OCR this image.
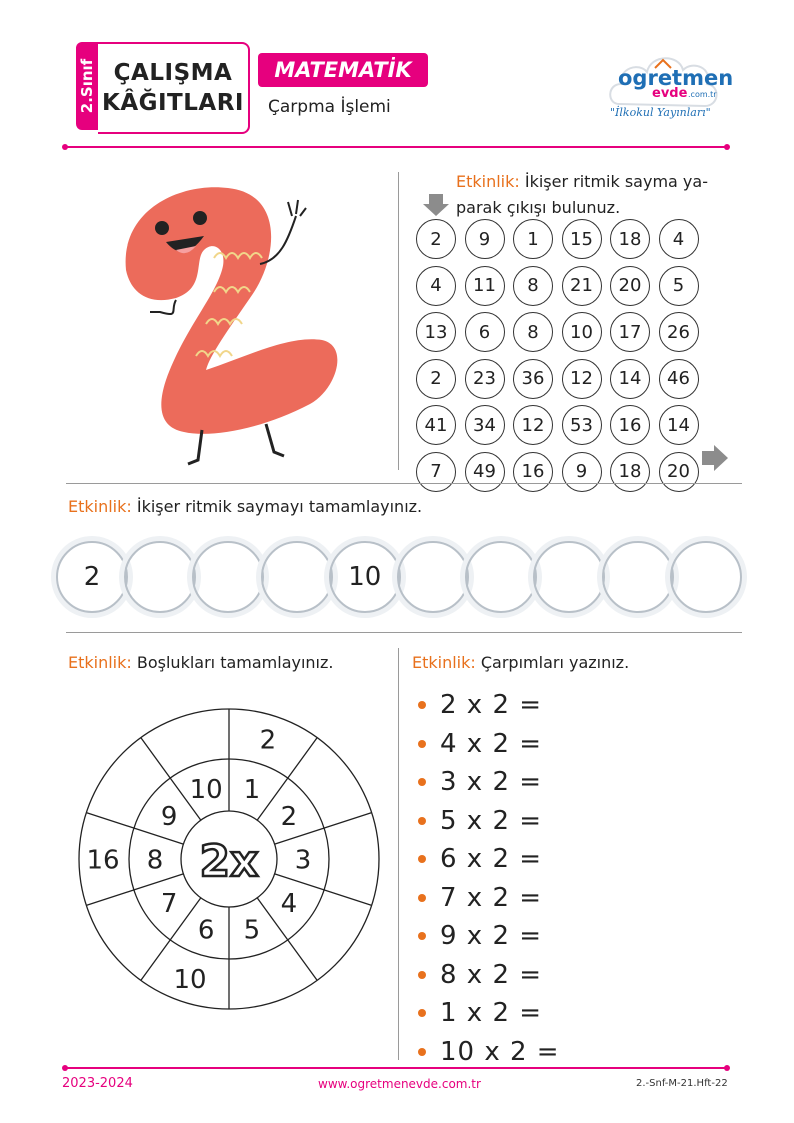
2.Sınıf ÇALIŞMA
KÂĞITLARI
MATEMATİK
Çarpma İşlemi
ogretmen
evde .com.tr
"İlkokul Yayınları"
Etkinlik: İkişer ritmik sayma ya-
parak çıkışı bulunuz.
2	9	1	15	18	4
4	11	8	21	20	5
13	6	8	10	17	26
2	23	36	12	14	46
41	34	12	53	16	14
7	49	16	9	18	20
Etkinlik: İkişer ritmik saymayı tamamlayınız.
2	10
Etkinlik: Boşlukları tamamlayınız.
1
2
3
4
5
6
7
8
9
10
2
10
16 2x
Etkinlik: Çarpımları yazınız.
2 x 2 =
4 x 2 =
3 x 2 =
5 x 2 =
6 x 2 =
7 x 2 =
9 x 2 =
8 x 2 =
1 x 2 =
10 x 2 =
2023-2024	www.ogretmenevde.com.tr	2.-Snf-M-21.Hft-22
